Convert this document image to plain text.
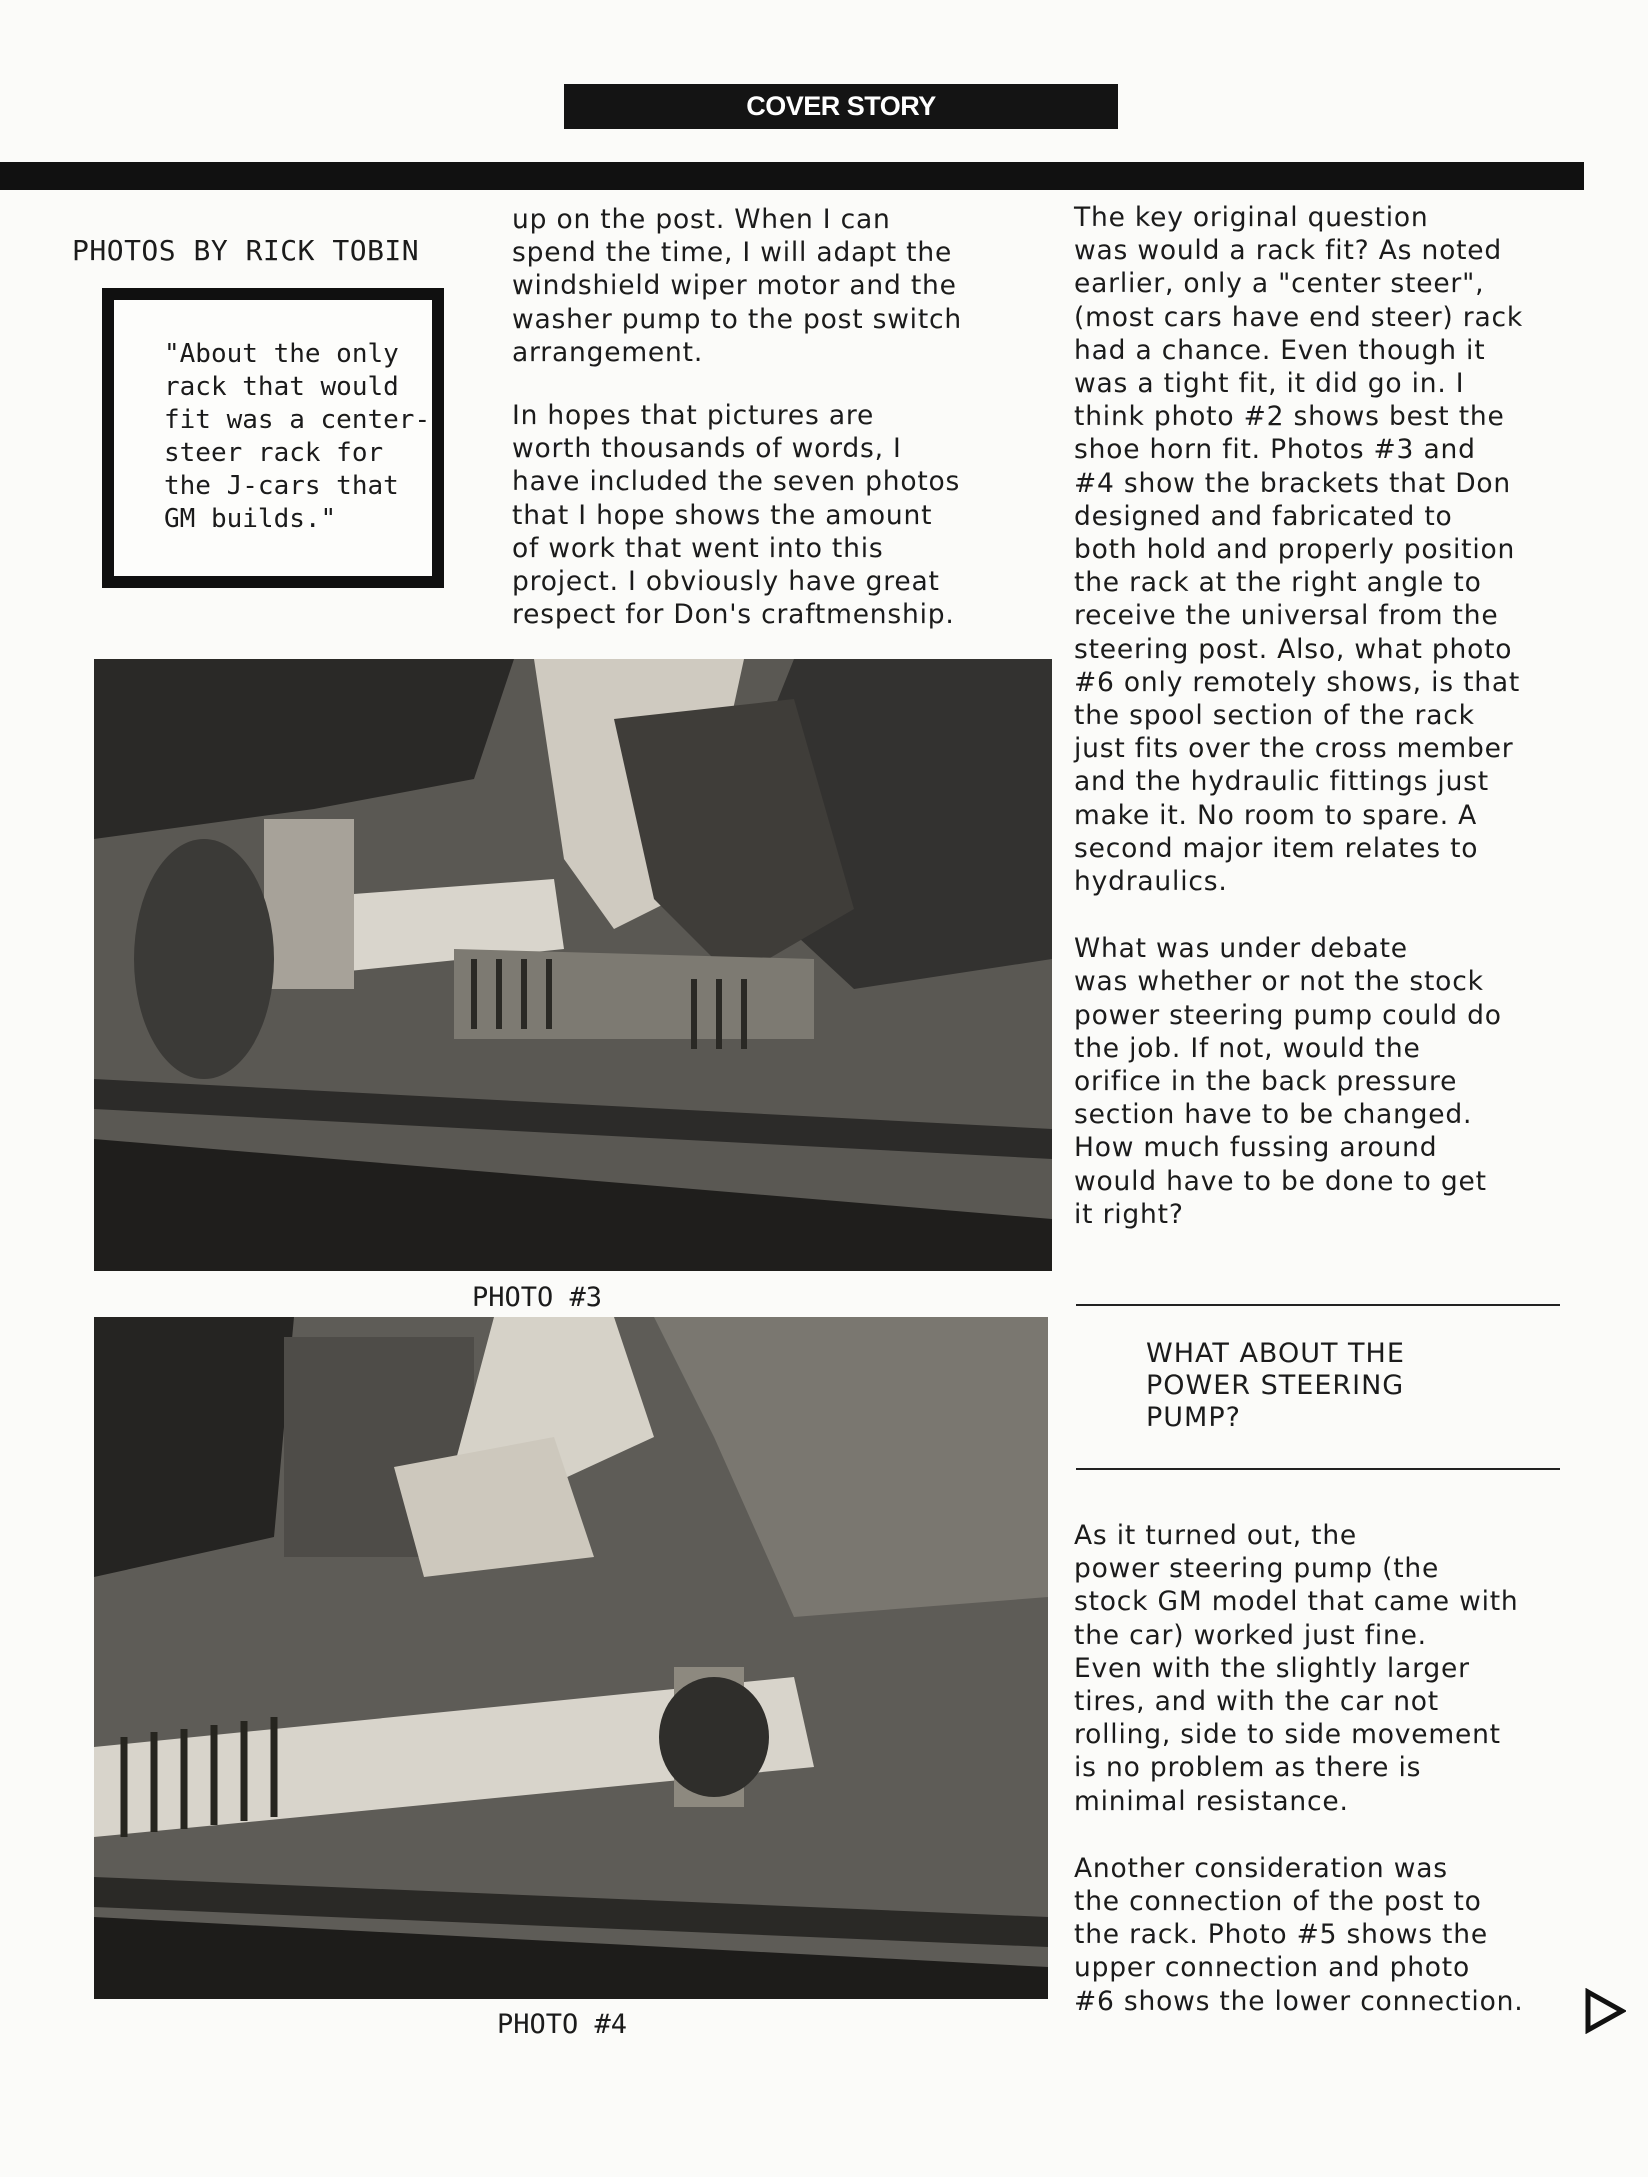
COVER STORY
PHOTOS BY RICK TOBIN

"About the only
rack that would
fit was a center-
steer rack for
the J-cars that
GM builds."

up on the post. When I can
spend the time, I will adapt the
windshield wiper motor and the
washer pump to the post switch
arrangement.

In hopes that pictures are
worth thousands of words, I
have included the seven photos
that I hope shows the amount
of work that went into this
project. I obviously have great
respect for Don's craftmenship.

PHOTO #3
PHOTO #4

The key original question
was would a rack fit? As noted
earlier, only a "center steer",
(most cars have end steer) rack
had a chance. Even though it
was a tight fit, it did go in. I
think photo #2 shows best the
shoe horn fit. Photos #3 and
#4 show the brackets that Don
designed and fabricated to
both hold and properly position
the rack at the right angle to
receive the universal from the
steering post. Also, what photo
#6 only remotely shows, is that
the spool section of the rack
just fits over the cross member
and the hydraulic fittings just
make it. No room to spare. A
second major item relates to
hydraulics.

What was under debate
was whether or not the stock
power steering pump could do
the job. If not, would the
orifice in the back pressure
section have to be changed.
How much fussing around
would have to be done to get
it right?

WHAT ABOUT THE
POWER STEERING
PUMP?

As it turned out, the
power steering pump (the
stock GM model that came with
the car) worked just fine.
Even with the slightly larger
tires, and with the car not
rolling, side to side movement
is no problem as there is
minimal resistance.

Another consideration was
the connection of the post to
the rack. Photo #5 shows the
upper connection and photo
#6 shows the lower connection.
